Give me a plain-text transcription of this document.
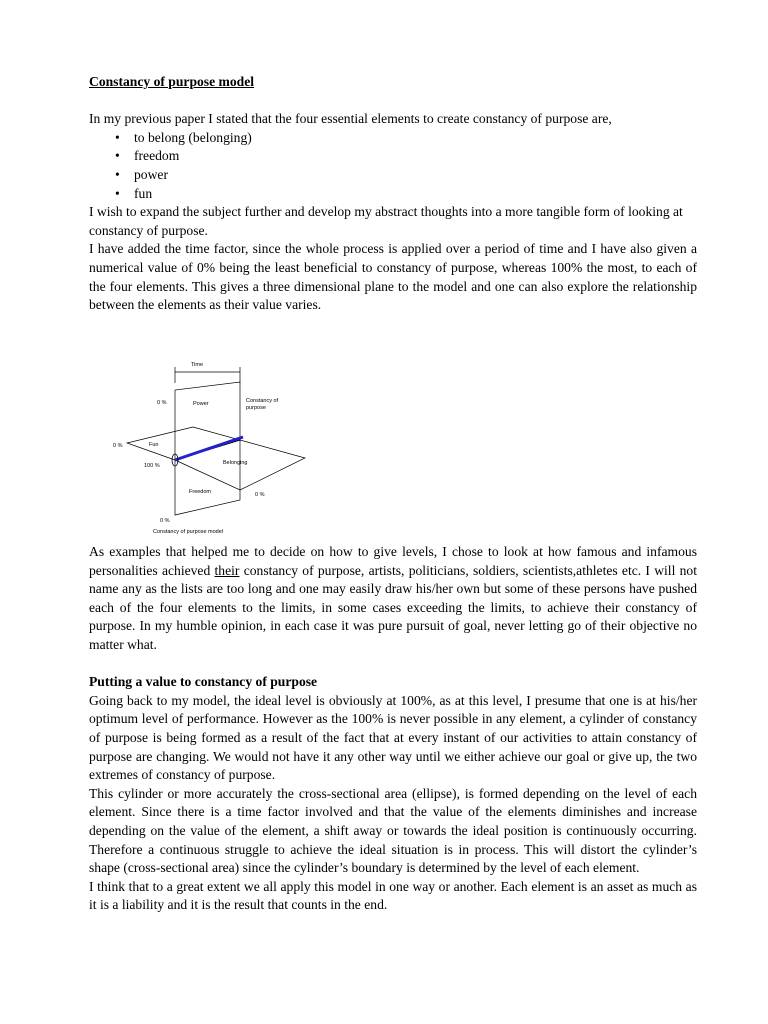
Constancy of purpose model

In my previous paper I stated that the four essential elements to create constancy of purpose are,

• to belong (belonging)
• freedom
• power
• fun

I wish to expand the subject further and develop my abstract thoughts into a more tangible form of looking at constancy of purpose.

I have added the time factor, since the whole process is applied over a period of time and I have also given a numerical value of 0% being the least beneficial to constancy of purpose, whereas 100% the most, to each of the four elements. This gives a three dimensional plane to the model and one can also explore the relationship between the elements as their value varies.

Time
Power	Constancy of
purpose
0 %
0 %	Fun
100 %	Belonging
Freedom	0 %
0 %
Constancy of purpose model

As examples that helped me to decide on how to give levels, I chose to look at how famous and infamous personalities achieved their constancy of purpose, artists, politicians, soldiers, scientists,athletes etc. I will not name any as the lists are too long and one may easily draw his/her own but some of these persons have pushed each of the four elements to the limits, in some cases exceeding the limits, to achieve their constancy of purpose. In my humble opinion, in each case it was pure pursuit of goal, never letting go of their objective no matter what.

Putting a value to constancy of purpose

Going back to my model, the ideal level is obviously at 100%, as at this level, I presume that one is at his/her optimum level of performance. However as the 100% is never possible in any element, a cylinder of constancy of purpose is being formed as a result of the fact that at every instant of our activities to attain constancy of purpose are changing. We would not have it any other way until we either achieve our goal or give up, the two extremes of constancy of purpose.

This cylinder or more accurately the cross-sectional area (ellipse), is formed depending on the level of each element. Since there is a time factor involved and that the value of the elements diminishes and increase depending on the value of the element, a shift away or towards the ideal position is continuously occurring. Therefore a continuous struggle to achieve the ideal situation is in process. This will distort the cylinder’s shape (cross-sectional area) since the cylinder’s boundary is determined by the level of each element.

I think that to a great extent we all apply this model in one way or another. Each element is an asset as much as it is a liability and it is the result that counts in the end.
